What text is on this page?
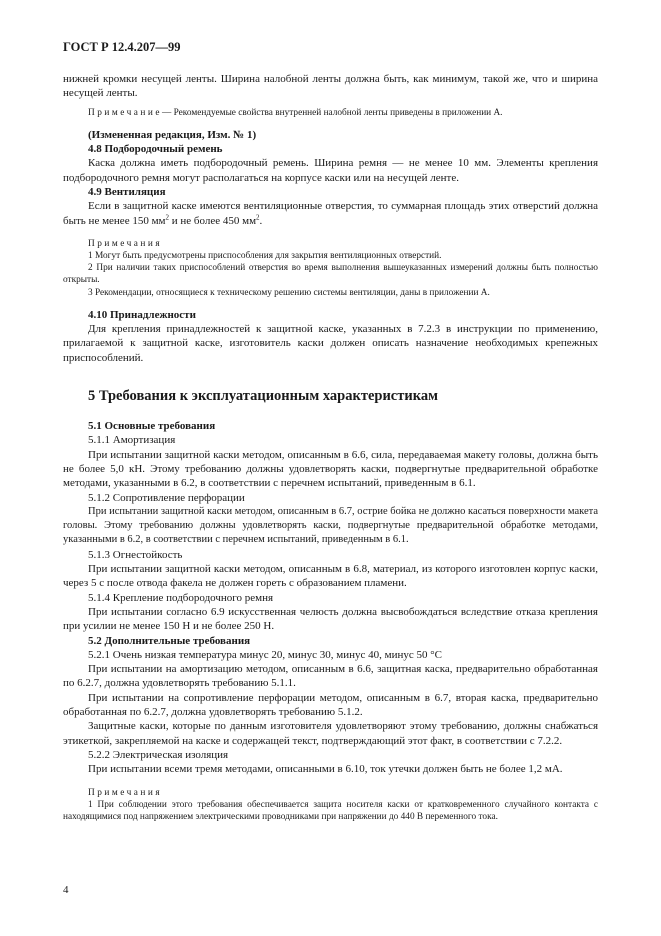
ГОСТ Р 12.4.207—99

нижней кромки несущей ленты. Ширина налобной ленты должна быть, как минимум, такой же, что и ширина несущей ленты.

Примечание— Рекомендуемые свойства внутренней налобной ленты приведены в приложении А.

(Измененная редакция, Изм. № 1)

4.8 Подбородочный ремень

Каска должна иметь подбородочный ремень. Ширина ремня — не менее 10 мм. Элементы крепления подбородочного ремня могут располагаться на корпусе каски или на несущей ленте.

4.9 Вентиляция

Если в защитной каске имеются вентиляционные отверстия, то суммарная площадь этих отверстий должна быть не менее 150 $мм^2$ и не более 450 $мм^2$.

Примечания

1 Могут быть предусмотрены приспособления для закрытия вентиляционных отверстий.

2 При наличии таких приспособлений отверстия во время выполнения вышеуказанных измерений должны быть полностью открыты.

3 Рекомендации, относящиеся к техническому решению системы вентиляции, даны в приложении А.

4.10 Принадлежности

Для крепления принадлежностей к защитной каске, указанных в 7.2.3 в инструкции по применению, прилагаемой к защитной каске, изготовитель каски должен описать назначение необходимых крепежных приспособлений.

5 Требования к эксплуатационным характеристикам

5.1 Основные требования

5.1.1 Амортизация

При испытании защитной каски методом, описанным в 6.6, сила, передаваемая макету головы, должна быть не более 5,0 кН. Этому требованию должны удовлетворять каски, подвергнутые предварительной обработке методами, указанными в 6.2, в соответствии с перечнем испытаний, приведенным в 6.1.

5.1.2 Сопротивление перфорации

При испытании защитной каски методом, описанным в 6.7, острие бойка не должно касаться поверхности макета головы. Этому требованию должны удовлетворять каски, подвергнутые предварительной обработке методами, указанными в 6.2, в соответствии с перечнем испытаний, приведенным в 6.1.

5.1.3 Огнестойкость

При испытании защитной каски методом, описанным в 6.8, материал, из которого изготовлен корпус каски, через 5 с после отвода факела не должен гореть с образованием пламени.

5.1.4 Крепление подбородочного ремня

При испытании согласно 6.9 искусственная челюсть должна высвобождаться вследствие отказа крепления при усилии не менее 150 Н и не более 250 Н.

5.2 Дополнительные требования

5.2.1 Очень низкая температура минус 20, минус 30, минус 40, минус 50 °С

При испытании на амортизацию методом, описанным в 6.6, защитная каска, предварительно обработанная по 6.2.7, должна удовлетворять требованию 5.1.1.

При испытании на сопротивление перфорации методом, описанным в 6.7, вторая каска, предварительно обработанная по 6.2.7, должна удовлетворять требованию 5.1.2.

Защитные каски, которые по данным изготовителя удовлетворяют этому требованию, должны снабжаться этикеткой, закрепляемой на каске и содержащей текст, подтверждающий этот факт, в соответствии с 7.2.2.

5.2.2 Электрическая изоляция

При испытании всеми тремя методами, описанными в 6.10, ток утечки должен быть не более 1,2 мА.

Примечания

1 При соблюдении этого требования обеспечивается защита носителя каски от кратковременного случайного контакта с находящимися под напряжением электрическими проводниками при напряжении до 440 В переменного тока.

4
